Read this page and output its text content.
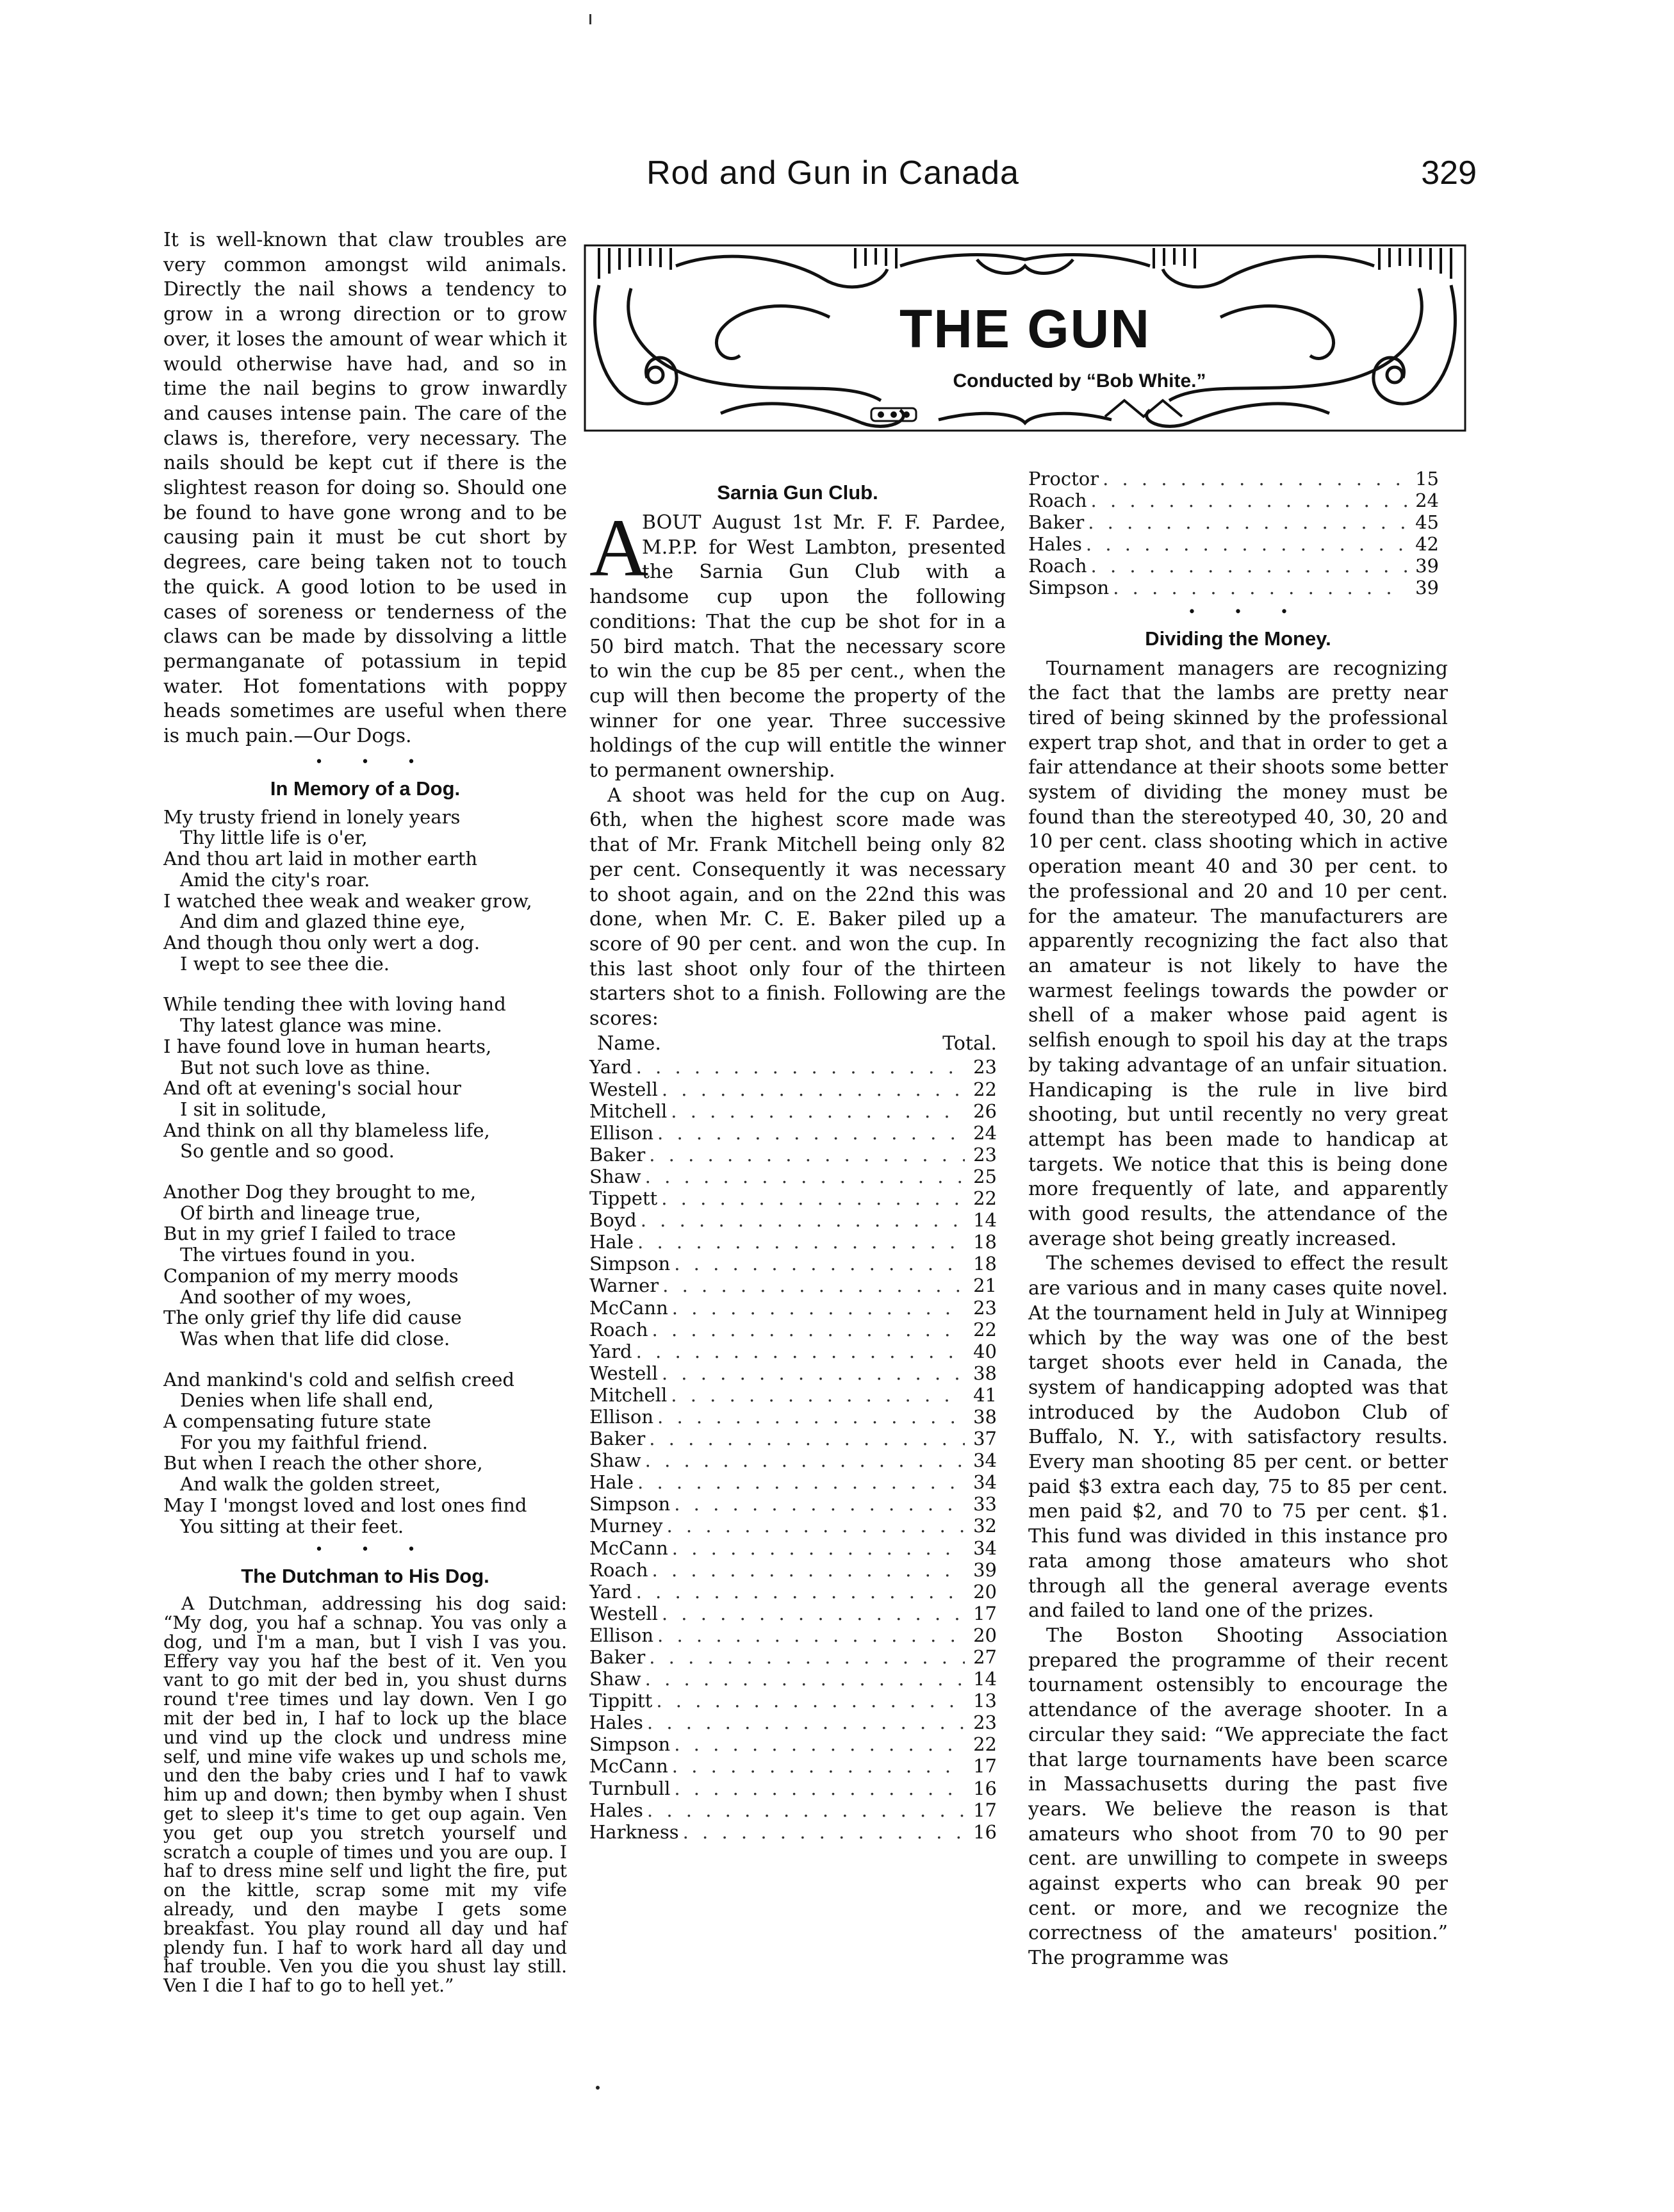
Rod and Gun in Canada	329
THE GUN
Conducted by “Bob White.”

It is well-known that claw troubles are very common amongst wild animals. Directly the nail shows a tendency to grow in a wrong direction or to grow over, it loses the amount of wear which it would otherwise have had, and so in time the nail begins to grow inwardly and causes intense pain. The care of the claws is, therefore, very necessary. The nails should be kept cut if there is the slightest reason for doing so. Should one be found to have gone wrong and to be causing pain it must be cut short by degrees, care being taken not to touch the quick. A good lotion to be used in cases of soreness or tenderness of the claws can be made by dissolving a little permanganate of potassium in tepid water. Hot fomentations with poppy heads sometimes are useful when there is much pain.—Our Dogs.

• • •
In Memory of a Dog.
My trusty friend in lonely years
Thy little life is o'er,
And thou art laid in mother earth
Amid the city's roar.
I watched thee weak and weaker grow,
And dim and glazed thine eye,
And though thou only wert a dog.
I wept to see thee die.
While tending thee with loving hand
Thy latest glance was mine.
I have found love in human hearts,
But not such love as thine.
And oft at evening's social hour
I sit in solitude,
And think on all thy blameless life,
So gentle and so good.
Another Dog they brought to me,
Of birth and lineage true,
But in my grief I failed to trace
The virtues found in you.
Companion of my merry moods
And soother of my woes,
The only grief thy life did cause
Was when that life did close.
And mankind's cold and selfish creed
Denies when life shall end,
A compensating future state
For you my faithful friend.
But when I reach the other shore,
And walk the golden street,
May I 'mongst loved and lost ones find
You sitting at their feet.
• • •
The Dutchman to His Dog.

A Dutchman, addressing his dog said: “My dog, you haf a schnap. You vas only a dog, und I'm a man, but I vish I vas you. Effery vay you haf the best of it. Ven you vant to go mit der bed in, you shust durns round t'ree times und lay down. Ven I go mit der bed in, I haf to lock up the blace und vind up the clock und undress mine self, und mine vife wakes up und schols me, und den the baby cries und I haf to vawk him up and down; then bymby when I shust get to sleep it's time to get oup again. Ven you get oup you stretch yourself und scratch a couple of times und you are oup. I haf to dress mine self und light the fire, put on the kittle, scrap some mit my vife already, und den maybe I gets some breakfast. You play round all day und haf plendy fun. I haf to work hard all day und haf trouble. Ven you die you shust lay still. Ven I die I haf to go to hell yet.”

Sarnia Gun Club.

A
BOUT August 1st Mr. F. F. Pardee, M.P.P. for West Lambton, presented the Sarnia Gun Club with a handsome cup upon the following conditions: That the cup be shot for in a 50 bird match. That the necessary score to win the cup be 85 per cent., when the cup will then become the property of the winner for one year. Three successive holdings of the cup will entitle the winner to permanent ownership.

A shoot was held for the cup on Aug. 6th, when the highest score made was that of Mr. Frank Mitchell being only 82 per cent. Consequently it was necessary to shoot again, and on the 22nd this was done, when Mr. C. E. Baker piled up a score of 90 per cent. and won the cup. In this last shoot only four of the thirteen starters shot to a finish. Following are the scores:

Name.	Total.
Yard . . .	23
Westell . . .	22
Mitchell . . .	26
Ellison . . .	24
Baker . . .	23
Shaw . . .	25
Tippett . . .	22
Boyd . . .	14
Hale . . .	18
Simpson . . .	18
Warner . . .	21
McCann . . .	23
Roach . . .	22
Yard . . .	40
Westell . . .	38
Mitchell . . .	41
Ellison . . .	38
Baker . . .	37
Shaw . . .	34
Hale . . .	34
Simpson . . .	33
Murney . . .	32
McCann . . .	34
Roach . . .	39
Yard . . .	20
Westell . . .	17
Ellison . . .	20
Baker . . .	27
Shaw . . .	14
Tippitt . . .	13
Hales . . .	23
Simpson . . .	22
McCann . . .	17
Turnbull . . .	16
Hales . . .	17
Harkness . . .	16
Proctor . . .	15
Roach . . .	24
Baker . . .	45
Hales . . .	42
Roach . . .	39
Simpson . . .	39
• • •
Dividing the Money.

Tournament managers are recognizing the fact that the lambs are pretty near tired of being skinned by the professional expert trap shot, and that in order to get a fair attendance at their shoots some better system of dividing the money must be found than the stereotyped 40, 30, 20 and 10 per cent. class shooting which in active operation meant 40 and 30 per cent. to the professional and 20 and 10 per cent. for the amateur. The manufacturers are apparently recognizing the fact also that an amateur is not likely to have the warmest feelings towards the powder or shell of a maker whose paid agent is selfish enough to spoil his day at the traps by taking advantage of an unfair situation. Handicaping is the rule in live bird shooting, but until recently no very great attempt has been made to handicap at targets. We notice that this is being done more frequently of late, and apparently with good results, the attendance of the average shot being greatly increased.

The schemes devised to effect the result are various and in many cases quite novel. At the tournament held in July at Winnipeg which by the way was one of the best target shoots ever held in Canada, the system of handicapping adopted was that introduced by the Audobon Club of Buffalo, N. Y., with satisfactory results. Every man shooting 85 per cent. or better paid $3 extra each day, 75 to 85 per cent. men paid $2, and 70 to 75 per cent. $1. This fund was divided in this instance pro rata among those amateurs who shot through all the general average events and failed to land one of the prizes.

The Boston Shooting Association prepared the programme of their recent tournament ostensibly to encourage the attendance of the average shooter. In a circular they said: “We appreciate the fact that large tournaments have been scarce in Massachusetts during the past five years. We believe the reason is that amateurs who shoot from 70 to 90 per cent. are unwilling to compete in sweeps against experts who can break 90 per cent. or more, and we recognize the correctness of the amateurs' position.” The programme was
